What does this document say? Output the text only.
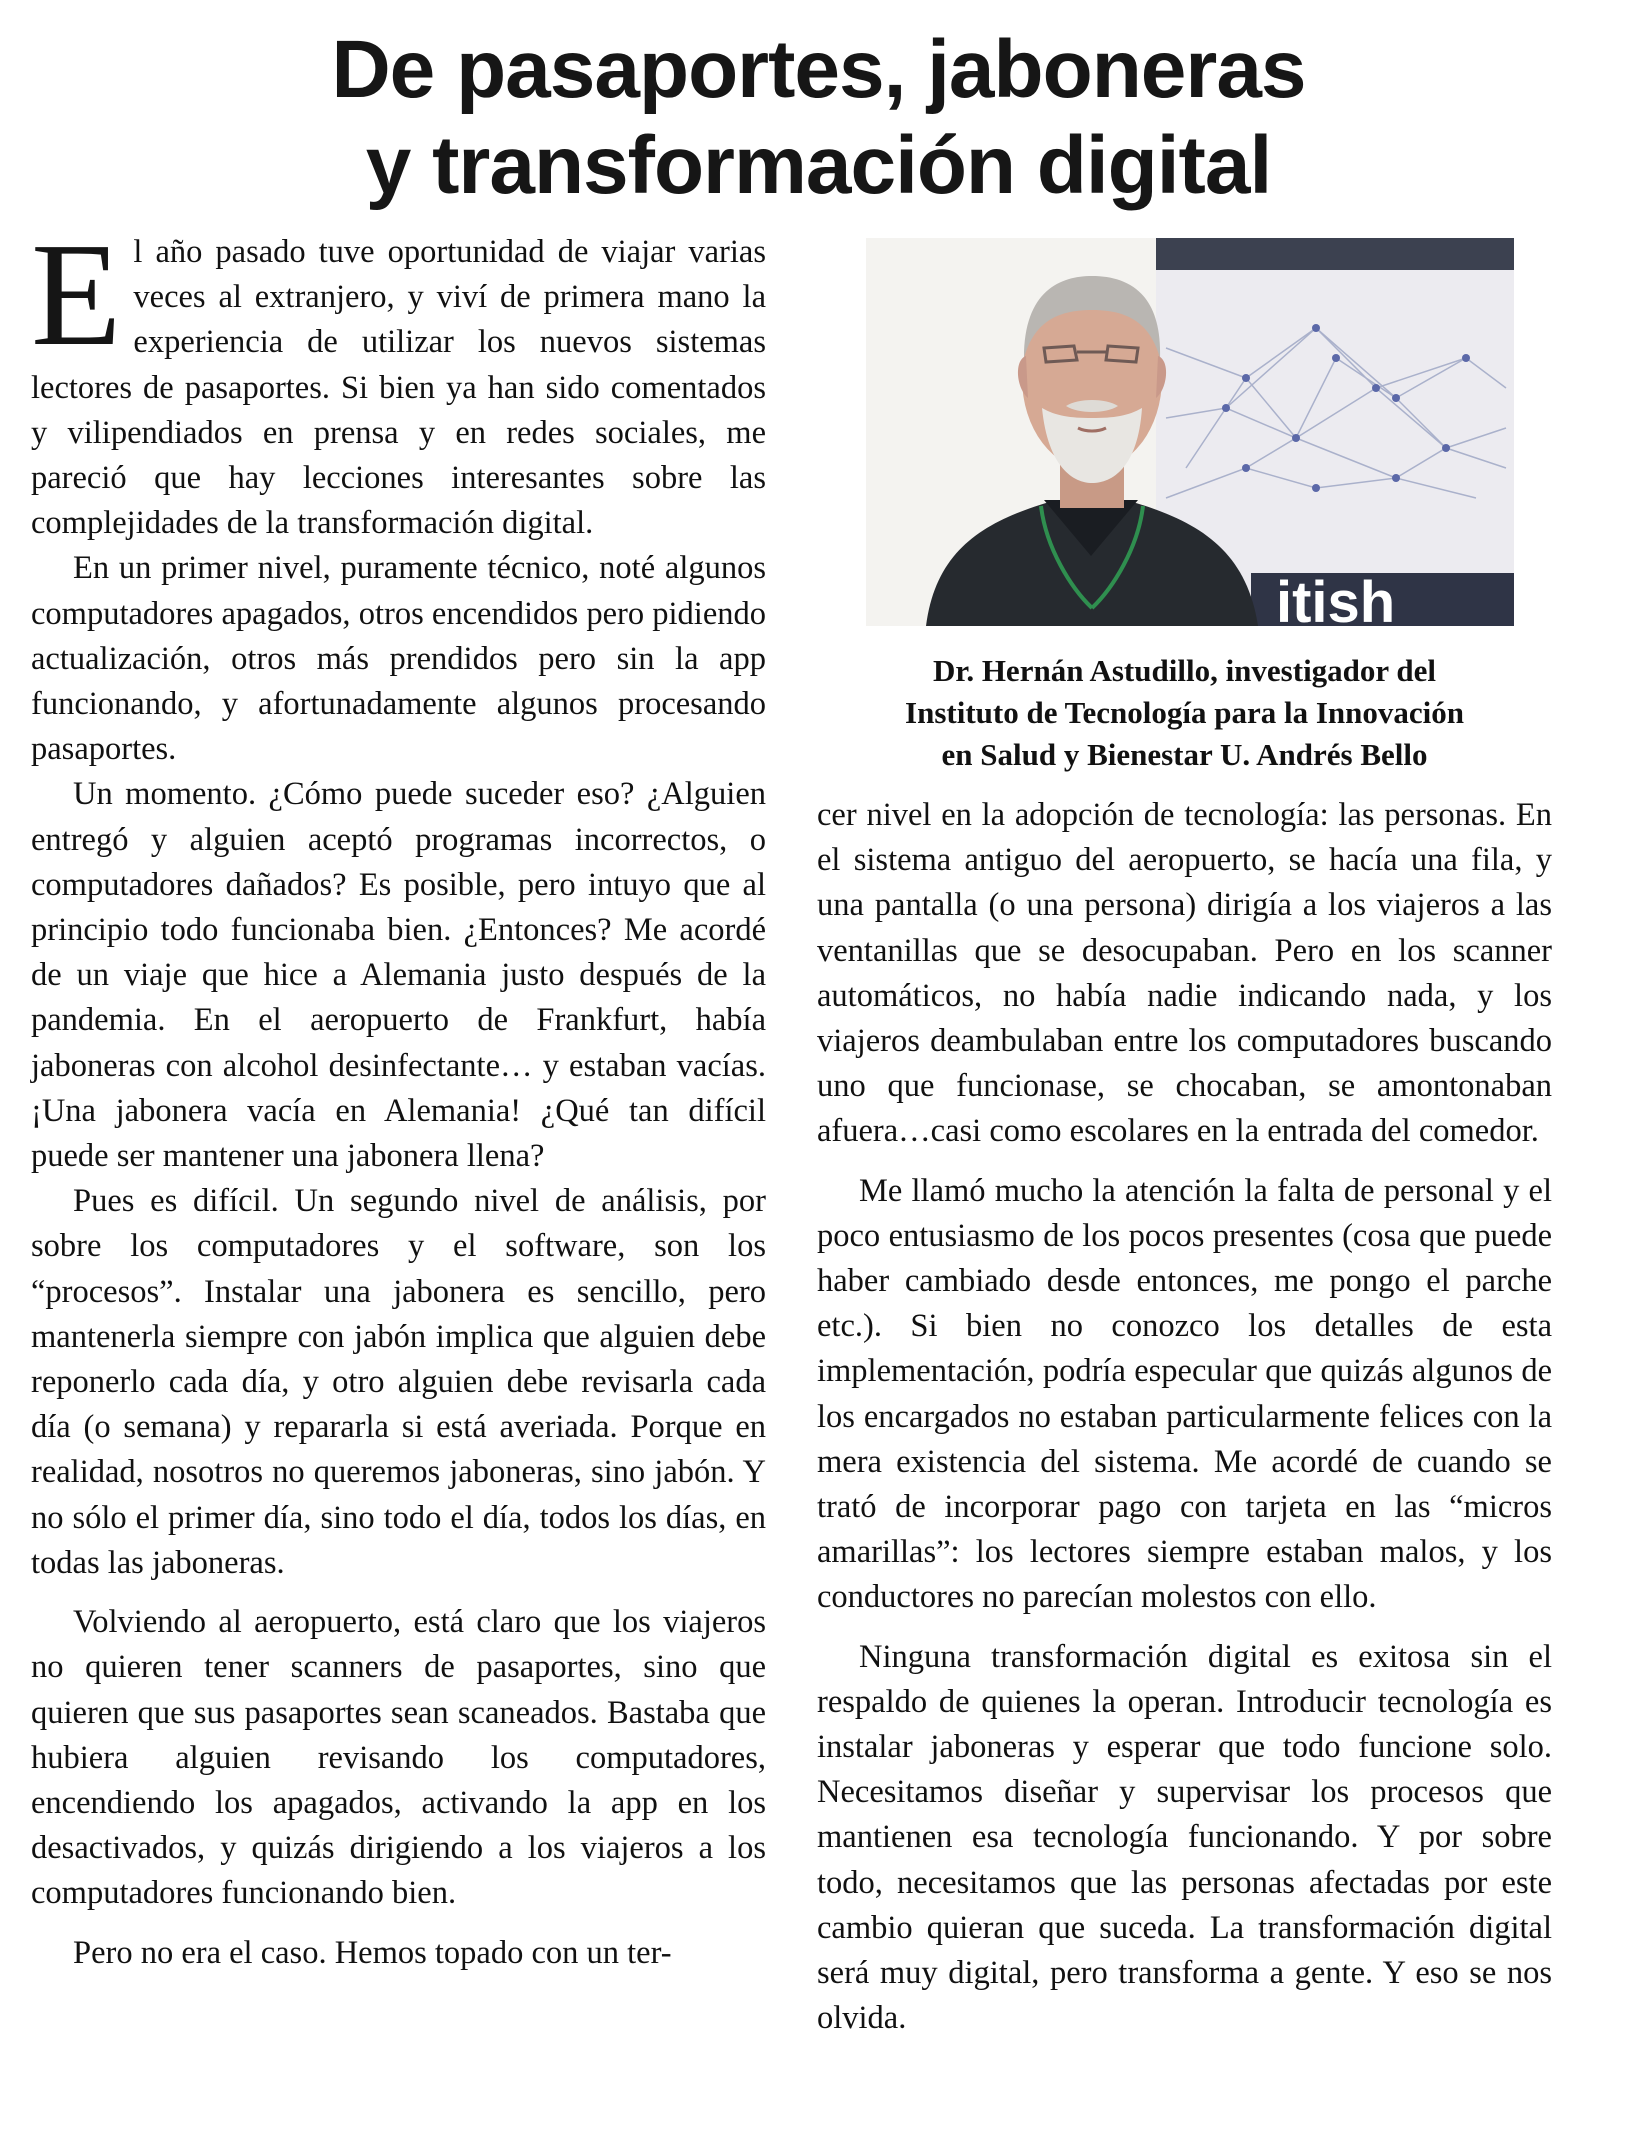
De pasaportes, jaboneras
y transformación digital

El año pasado tuve oportunidad de viajar varias veces al extranjero, y viví de primera mano la experiencia de utilizar los nuevos sistemas lectores de pasaportes. Si bien ya han sido comentados y vilipendiados en prensa y en redes sociales, me pareció que hay lecciones interesantes sobre las complejidades de la transformación digital.

En un primer nivel, puramente técnico, noté algunos computadores apagados, otros encendidos pero pidiendo actualización, otros más prendidos pero sin la app funcionando, y afortunadamente algunos procesando pasaportes.

Un momento. ¿Cómo puede suceder eso? ¿Alguien entregó y alguien aceptó programas incorrectos, o computadores dañados? Es posible, pero intuyo que al principio todo funcionaba bien. ¿Entonces? Me acordé de un viaje que hice a Alemania justo después de la pandemia. En el aeropuerto de Frankfurt, había jaboneras con alcohol desinfectante… y estaban vacías. ¡Una jabonera vacía en Alemania! ¿Qué tan difícil puede ser mantener una jabonera llena?

Pues es difícil. Un segundo nivel de análisis, por sobre los computadores y el software, son los “procesos”. Instalar una jabonera es sencillo, pero mantenerla siempre con jabón implica que alguien debe reponerlo cada día, y otro alguien debe revisarla cada día (o semana) y repararla si está averiada. Porque en realidad, nosotros no queremos jaboneras, sino jabón. Y no sólo el primer día, sino todo el día, todos los días, en todas las jaboneras.

Volviendo al aeropuerto, está claro que los viajeros no quieren tener scanners de pasaportes, sino que quieren que sus pasaportes sean scaneados. Bastaba que hubiera alguien revisando los computadores, encendiendo los apagados, activando la app en los desactivados, y quizás dirigiendo a los viajeros a los computadores funcionando bien.

Pero no era el caso. Hemos topado con un ter-

itish
Dr. Hernán Astudillo, investigador del
Instituto de Tecnología para la Innovación
en Salud y Bienestar U. Andrés Bello

cer nivel en la adopción de tecnología: las personas. En el sistema antiguo del aeropuerto, se hacía una fila, y una pantalla (o una persona) dirigía a los viajeros a las ventanillas que se desocupaban. Pero en los scanner automáticos, no había nadie indicando nada, y los viajeros deambulaban entre los computadores buscando uno que funcionase, se chocaban, se amontonaban afuera…casi como escolares en la entrada del comedor.

Me llamó mucho la atención la falta de personal y el poco entusiasmo de los pocos presentes (cosa que puede haber cambiado desde entonces, me pongo el parche etc.). Si bien no conozco los detalles de esta implementación, podría especular que quizás algunos de los encargados no estaban particularmente felices con la mera existencia del sistema. Me acordé de cuando se trató de incorporar pago con tarjeta en las “micros amarillas”: los lectores siempre estaban malos, y los conductores no parecían molestos con ello.

Ninguna transformación digital es exitosa sin el respaldo de quienes la operan. Introducir tecnología es instalar jaboneras y esperar que todo funcione solo. Necesitamos diseñar y supervisar los procesos que mantienen esa tecnología funcionando. Y por sobre todo, necesitamos que las personas afectadas por este cambio quieran que suceda. La transformación digital será muy digital, pero transforma a gente. Y eso se nos olvida.
